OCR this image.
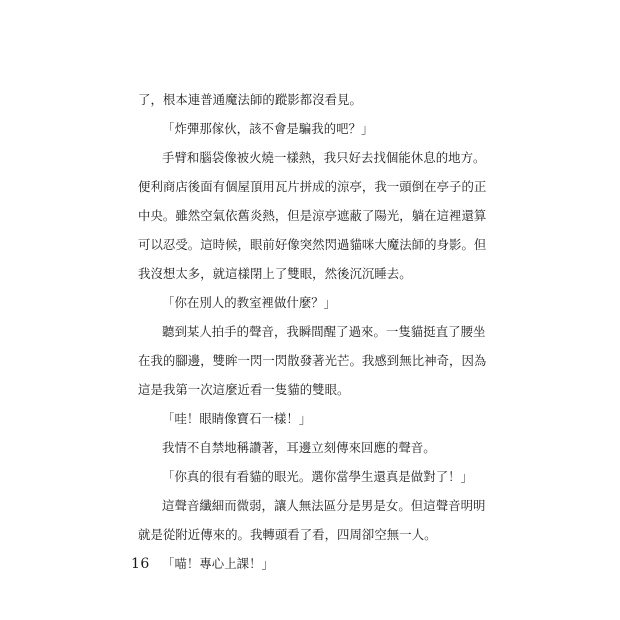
了，根本連普通魔法師的蹤影都沒看見。
「炸彈那傢伙，該不會是騙我的吧？」
手臂和腦袋像被火燒一樣熱，我只好去找個能休息的地方。
便利商店後面有個屋頂用瓦片拼成的涼亭，我一頭倒在亭子的正
中央。雖然空氣依舊炎熱，但是涼亭遮蔽了陽光，躺在這裡還算
可以忍受。這時候，眼前好像突然閃過貓咪大魔法師的身影。但
我沒想太多，就這樣閉上了雙眼，然後沉沉睡去。
「你在別人的教室裡做什麼？」
聽到某人拍手的聲音，我瞬間醒了過來。一隻貓挺直了腰坐
在我的腳邊，雙眸一閃一閃散發著光芒。我感到無比神奇，因為
這是我第一次這麼近看一隻貓的雙眼。
「哇！眼睛像寶石一樣！」
我情不自禁地稱讚著，耳邊立刻傳來回應的聲音。
「你真的很有看貓的眼光。選你當學生還真是做對了！」
這聲音纖細而微弱，讓人無法區分是男是女。但這聲音明明
就是從附近傳來的。我轉頭看了看，四周卻空無一人。
「喵！專心上課！」
16
